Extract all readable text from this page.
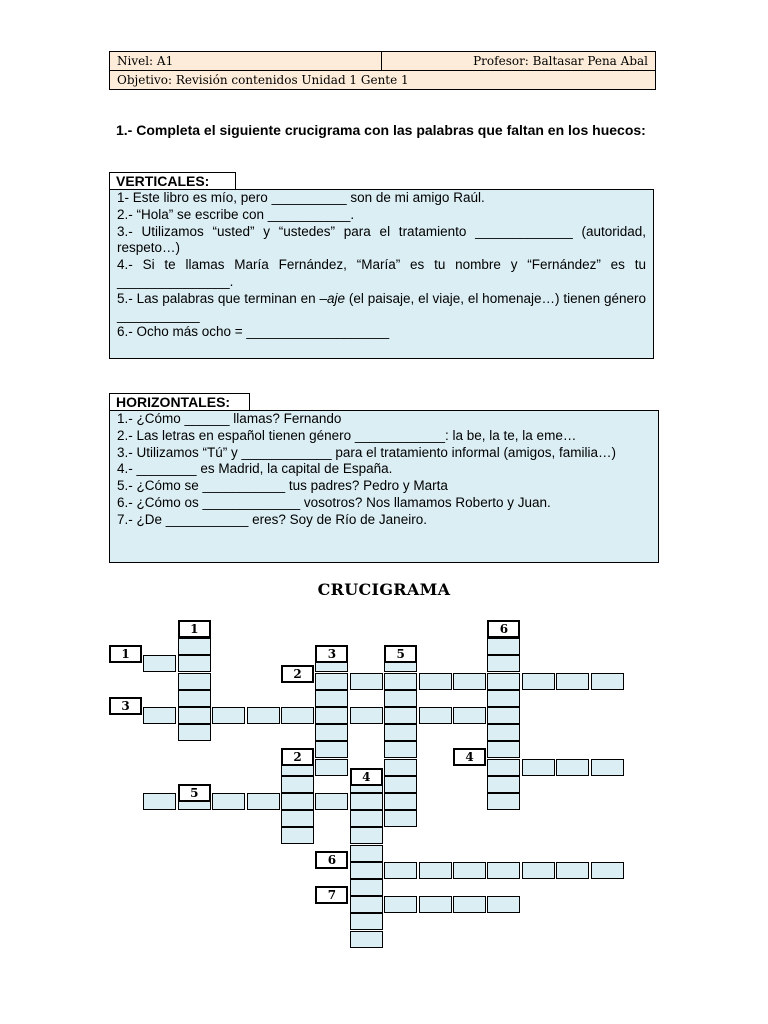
Nivel: A1	Profesor: Baltasar Pena Abal
Objetivo: Revisión contenidos Unidad 1 Gente 1
1.- Completa el siguiente crucigrama con las palabras que faltan en los huecos:
VERTICALES:
1- Este libro es mío, pero __________ son de mi amigo Raúl.
2.- “Hola” se escribe con ___________.
3.- Utilizamos “usted” y “ustedes” para el tratamiento _____________ (autoridad, respeto…)
4.- Si te llamas María Fernández, “María” es tu nombre y “Fernández” es tu _______________.
5.- Las palabras que terminan en –aje (el paisaje, el viaje, el homenaje…) tienen género ___________
6.- Ocho más ocho = ___________________
HORIZONTALES:
1.- ¿Cómo ______ llamas? Fernando
2.- Las letras en español tienen género ____________: la be, la te, la eme…
3.- Utilizamos “Tú” y ____________ para el tratamiento informal (amigos, familia…)
4.- ________ es Madrid, la capital de España.
5.- ¿Cómo se ___________ tus padres? Pedro y Marta
6.- ¿Cómo os _____________ vosotros? Nos llamamos Roberto y Juan.
7.- ¿De ___________ eres? Soy de Río de Janeiro.
CRUCIGRAMA
1	6
1	3	5
2
3
2	4
4
5
6
7
